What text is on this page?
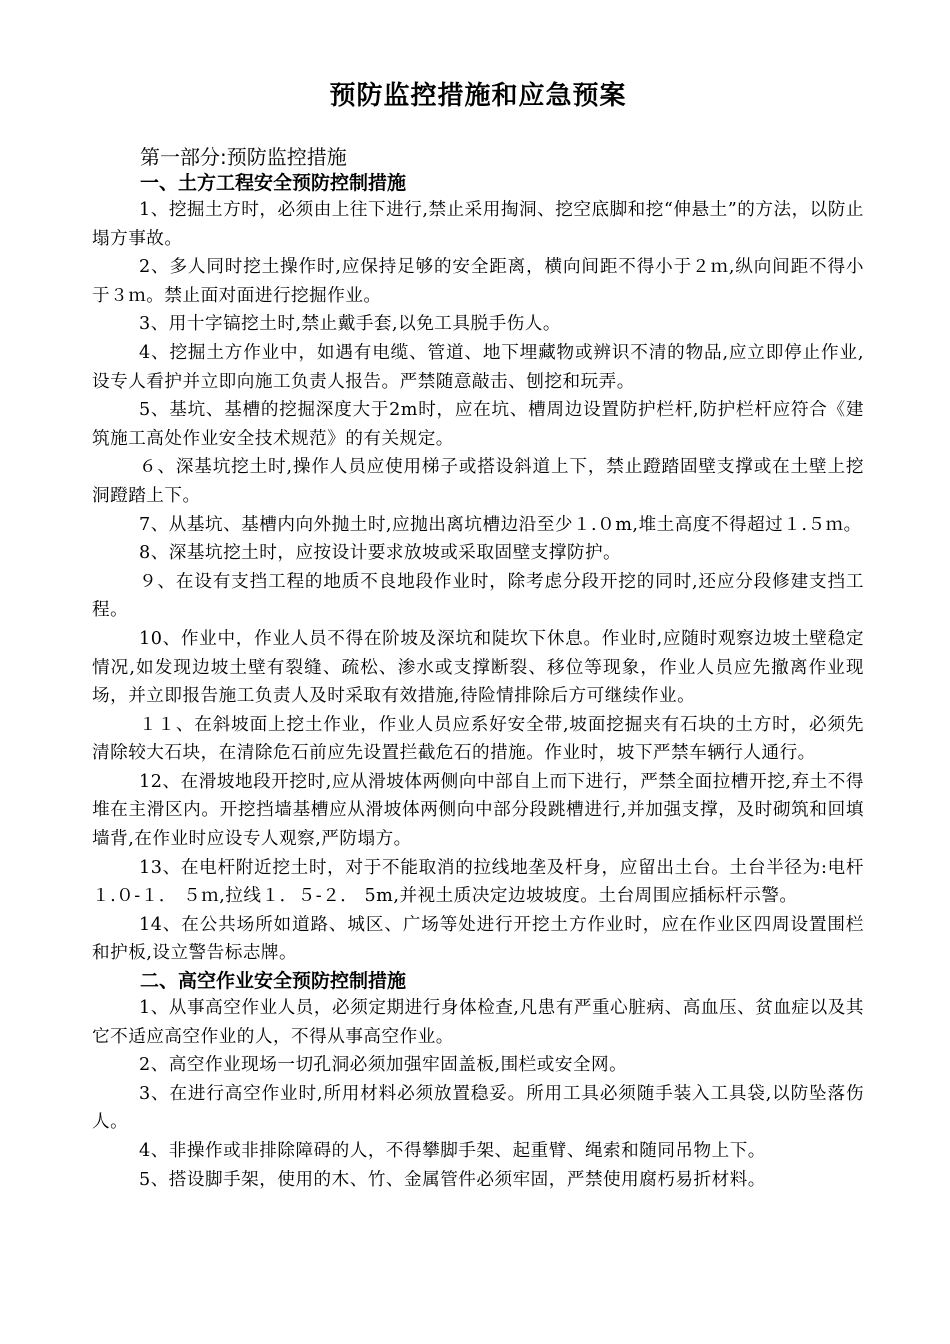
预防监控措施和应急预案
第一部分:预防监控措施
一、土方工程安全预防控制措施

1、挖掘土方时，必须由上往下进行,禁止采用掏洞、挖空底脚和挖“伸悬土”的方法，以防止塌方事故。

2、多人同时挖土操作时,应保持足够的安全距离，横向间距不得小于２ｍ,纵向间距不得小于３ｍ。禁止面对面进行挖掘作业。

3、用十字镐挖土时,禁止戴手套,以免工具脱手伤人。

4、挖掘土方作业中，如遇有电缆、管道、地下埋藏物或辨识不清的物品,应立即停止作业,设专人看护并立即向施工负责人报告。严禁随意敲击、刨挖和玩弄。

5、基坑、基槽的挖掘深度大于2m时，应在坑、槽周边设置防护栏杆,防护栏杆应符合《建筑施工高处作业安全技术规范》的有关规定。

６、深基坑挖土时,操作人员应使用梯子或搭设斜道上下，禁止蹬踏固壁支撑或在土壁上挖洞蹬踏上下。

7、从基坑、基槽内向外抛土时,应抛出离坑槽边沿至少１.０m,堆土高度不得超过１.５ｍ。

8、深基坑挖土时，应按设计要求放坡或采取固壁支撑防护。

９、在设有支挡工程的地质不良地段作业时，除考虑分段开挖的同时,还应分段修建支挡工程。

10、作业中，作业人员不得在阶坡及深坑和陡坎下休息。作业时,应随时观察边坡土壁稳定情况,如发现边坡土壁有裂缝、疏松、渗水或支撑断裂、移位等现象，作业人员应先撤离作业现场，并立即报告施工负责人及时采取有效措施,待险情排除后方可继续作业。

１１、在斜坡面上挖土作业，作业人员应系好安全带,坡面挖掘夹有石块的土方时，必须先清除较大石块，在清除危石前应先设置拦截危石的措施。作业时，坡下严禁车辆行人通行。

12、在滑坡地段开挖时,应从滑坡体两侧向中部自上而下进行，严禁全面拉槽开挖,弃土不得堆在主滑区内。开挖挡墙基槽应从滑坡体两侧向中部分段跳槽进行,并加强支撑，及时砌筑和回填墙背,在作业时应设专人观察,严防塌方。

13、在电杆附近挖土时，对于不能取消的拉线地垄及杆身，应留出土台。土台半径为:电杆１.０-１． ５ｍ,拉线１．５-２． 5m,并视土质决定边坡坡度。土台周围应插标杆示警。

14、在公共场所如道路、城区、广场等处进行开挖土方作业时，应在作业区四周设置围栏和护板,设立警告标志牌。

二、高空作业安全预防控制措施

1、从事高空作业人员，必须定期进行身体检查,凡患有严重心脏病、高血压、贫血症以及其它不适应高空作业的人，不得从事高空作业。

2、高空作业现场一切孔洞必须加强牢固盖板,围栏或安全网。

3、在进行高空作业时,所用材料必须放置稳妥。所用工具必须随手装入工具袋,以防坠落伤人。

4、非操作或非排除障碍的人，不得攀脚手架、起重臂、绳索和随同吊物上下。

5、搭设脚手架，使用的木、竹、金属管件必须牢固，严禁使用腐朽易折材料。
